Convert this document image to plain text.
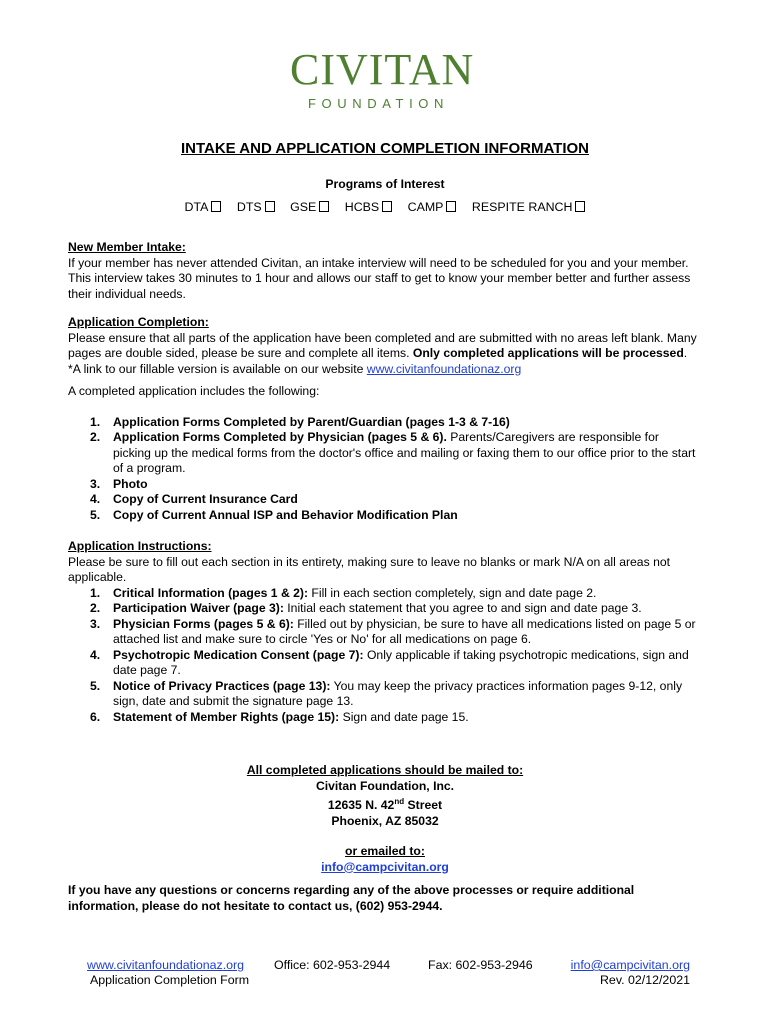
CIVITAN
FOUNDATION
INTAKE AND APPLICATION COMPLETION INFORMATION
Programs of Interest
DTA DTS GSE HCBS CAMP RESPITE RANCH
New Member Intake:
If your member has never attended Civitan, an intake interview will need to be scheduled for you and your member. This interview takes 30 minutes to 1 hour and allows our staff to get to know your member better and further assess their individual needs.
Application Completion:
Please ensure that all parts of the application have been completed and are submitted with no areas left blank. Many pages are double sided, please be sure and complete all items. Only completed applications will be processed. *A link to our fillable version is available on our website www.civitanfoundationaz.org
A completed application includes the following:
1. Application Forms Completed by Parent/Guardian (pages 1-3 & 7-16)
2. Application Forms Completed by Physician (pages 5 & 6). Parents/Caregivers are responsible for picking up the medical forms from the doctor's office and mailing or faxing them to our office prior to the start of a program.
3. Photo
4. Copy of Current Insurance Card
5. Copy of Current Annual ISP and Behavior Modification Plan
Application Instructions:
Please be sure to fill out each section in its entirety, making sure to leave no blanks or mark N/A on all areas not applicable.
1. Critical Information (pages 1 & 2): Fill in each section completely, sign and date page 2.
2. Participation Waiver (page 3): Initial each statement that you agree to and sign and date page 3.
3. Physician Forms (pages 5 & 6): Filled out by physician, be sure to have all medications listed on page 5 or attached list and make sure to circle 'Yes or No' for all medications on page 6.
4. Psychotropic Medication Consent (page 7): Only applicable if taking psychotropic medications, sign and date page 7.
5. Notice of Privacy Practices (page 13): You may keep the privacy practices information pages 9-12, only sign, date and submit the signature page 13.
6. Statement of Member Rights (page 15): Sign and date page 15.
All completed applications should be mailed to:
Civitan Foundation, Inc.
12635 N. 42nd Street
Phoenix, AZ 85032
or emailed to:
info@campcivitan.org
If you have any questions or concerns regarding any of the above processes or require additional information, please do not hesitate to contact us, (602) 953-2944.
www.civitanfoundationaz.org
Application Completion Form
Office: 602-953-2944	Fax: 602-953-2946	info@campcivitan.org
Rev. 02/12/2021
